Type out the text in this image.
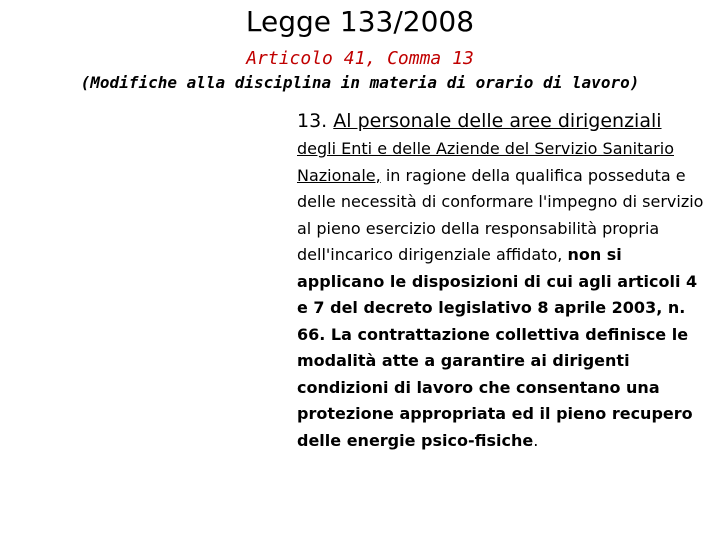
Legge 133/2008
Articolo 41, Comma 13
(Modifiche alla disciplina in materia di orario di lavoro)
13. Al personale delle aree dirigenziali
degli Enti e delle Aziende del Servizio Sanitario Nazionale, in ragione della qualifica posseduta e delle necessità di conformare l'impegno di servizio al pieno esercizio della responsabilità propria dell'incarico dirigenziale affidato, non si applicano le disposizioni di cui agli articoli 4 e 7 del decreto legislativo 8 aprile 2003, n. 66. La contrattazione collettiva definisce le modalità atte a garantire ai dirigenti condizioni di lavoro che consentano una protezione appropriata ed il pieno recupero delle energie psico-fisiche.
